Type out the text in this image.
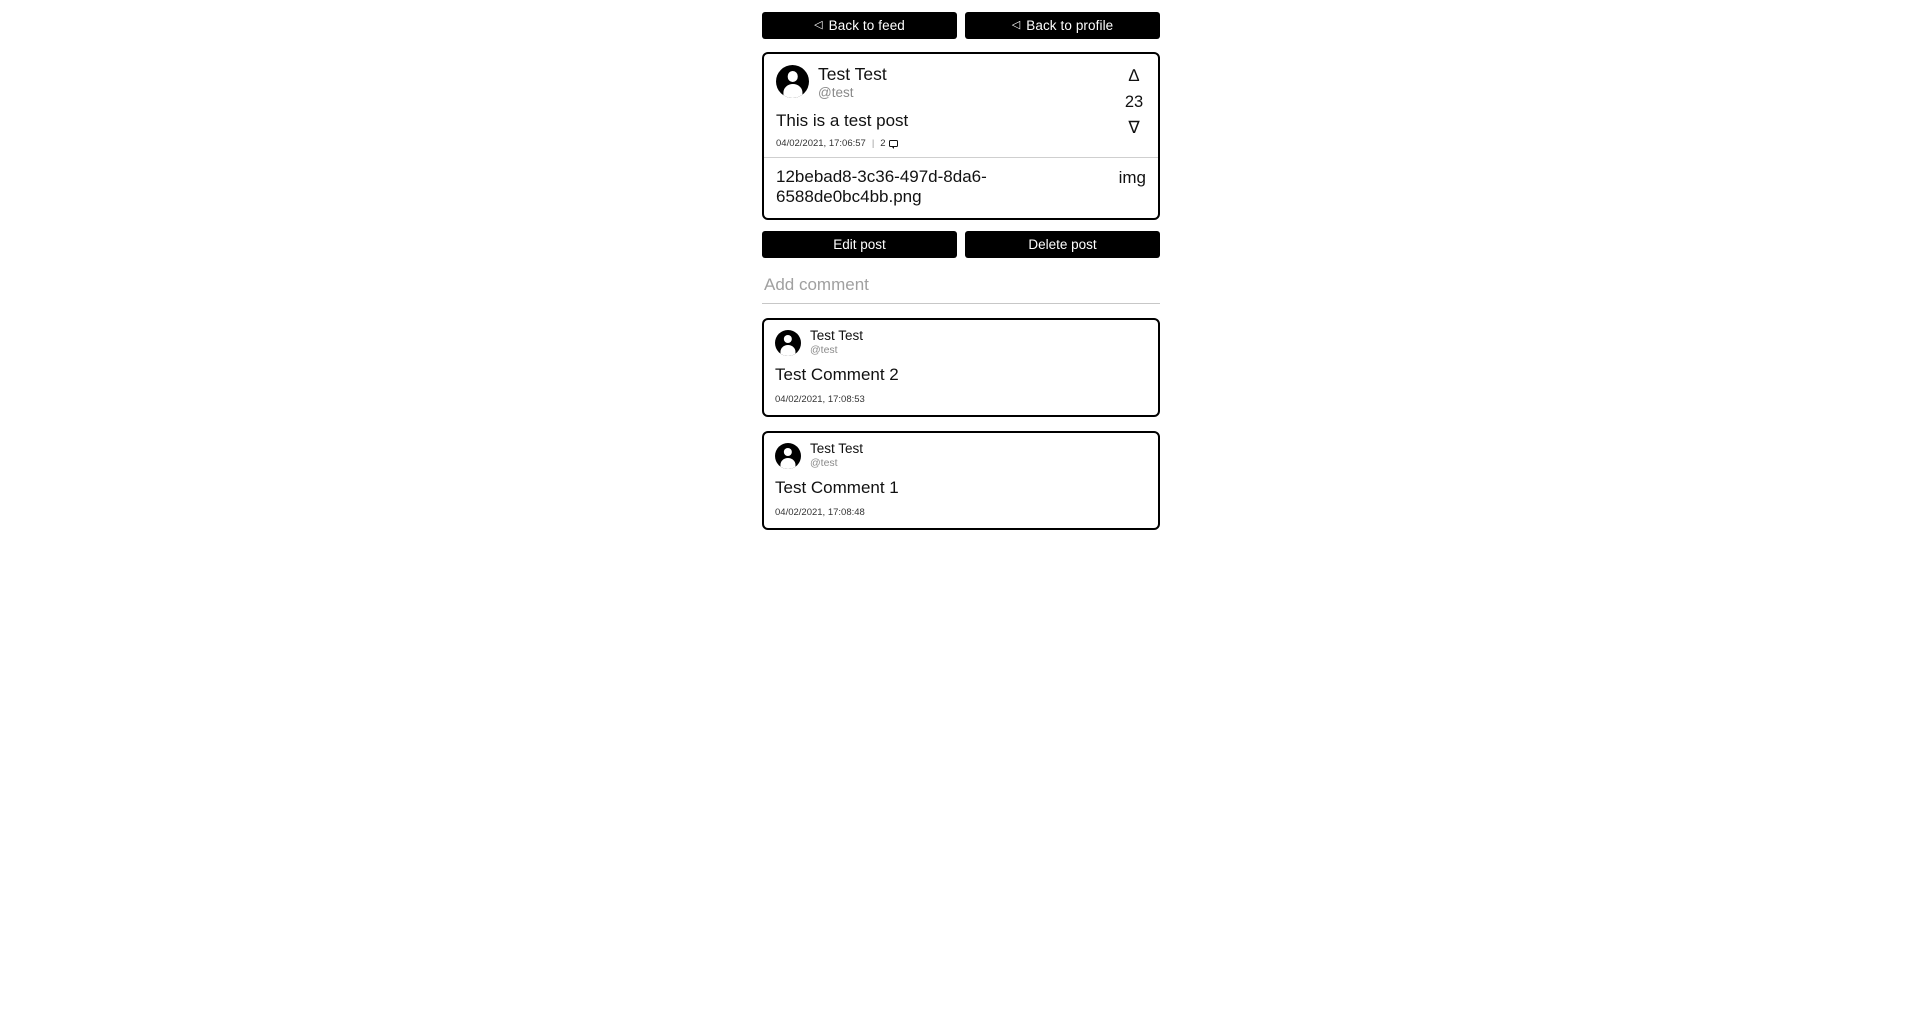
◁ Back to feed	◁ Back to profile
Test Test
@test
This is a test post
04/02/2021, 17:06:57 | 2
∆
23
∇
12bebad8-3c36-497d-8da6-6588de0bc4bb.png
img
Edit post	Delete post
Add comment
Test Test
@test
Test Comment 2
04/02/2021, 17:08:53
Test Test
@test
Test Comment 1
04/02/2021, 17:08:48
